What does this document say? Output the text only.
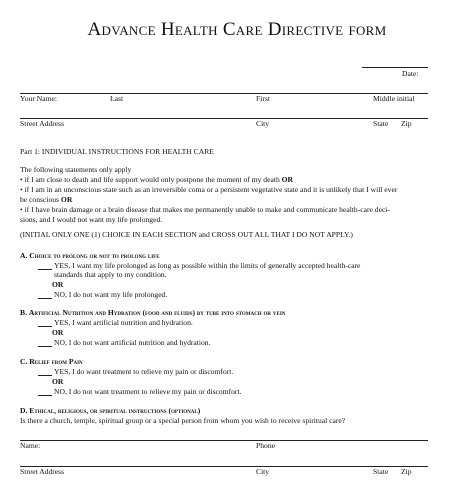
Advance Health Care Directive form
Date:
Your Name:	Last	First	Middle initial
Street Address	City	State Zip
Part 1: INDIVIDUAL INSTRUCTIONS FOR HEALTH CARE
The following statements only apply
• if I am close to death and life support would only postpone the moment of my death OR
• if I am in an unconscious state such as an irreversible coma or a persistent vegetative state and it is unlikely that I will ever
be conscious OR
• if I have brain damage or a brain disease that makes me permanently unable to make and communicate health-care deci-
sions, and I would not want my life prolonged.
(INITIAL ONLY ONE (1) CHOICE IN EACH SECTION and CROSS OUT ALL THAT I DO NOT APPLY.)
A. Choice to prolong or not to prolong life
YES, I want my life prolonged as long as possible within the limits of generally accepted health-care
standards that apply to my condition.
OR
NO, I do not want my life prolonged.
B. Artificial Nutrition and Hydration (food and fluids) by tube into stomach or vein
YES, I want artificial nutrition and hydration.
OR
NO, I do not want artificial nutrition and hydration.
C. Relief from Pain
YES, I do want treatment to relieve my pain or discomfort.
OR
NO, I do not want treatment to relieve my pain or discomfort.
D. Ethical, religious, or spiritual instructions (optional)
Is there a church, temple, spiritual group or a special person from whom you wish to receive spiritual care?
Name:	Phone
Street Address	City	State Zip
